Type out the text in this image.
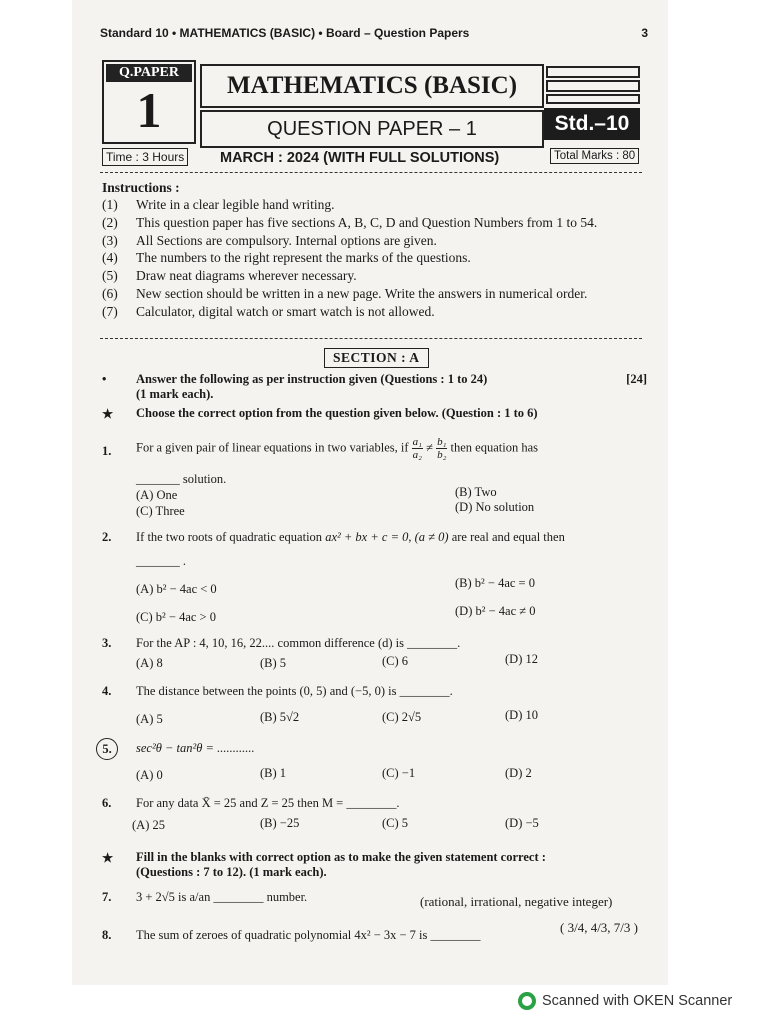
Standard 10 • MATHEMATICS (BASIC) • Board – Question Papers	3
Q.PAPER
1	MATHEMATICS (BASIC)
QUESTION PAPER – 1	Std.–10
Time : 3 Hours MARCH : 2024 (WITH FULL SOLUTIONS)	Total Marks : 80
Instructions :
(1)	Write in a clear legible hand writing.
(2)	This question paper has five sections A, B, C, D and Question Numbers from 1 to 54.
(3)	All Sections are compulsory. Internal options are given.
(4)	The numbers to the right represent the marks of the questions.
(5)	Draw neat diagrams wherever necessary.
(6)	New section should be written in a new page. Write the answers in numerical order.
(7)	Calculator, digital watch or smart watch is not allowed.
SECTION : A
• Answer the following as per instruction given (Questions : 1 to 24)	[24]

(1 mark each).
★ Choose the correct option from the question given below. (Question : 1 to 6)
1. For a given pair of linear equations in two variables, if $\frac{\text{a₁}}{\text{a₂}} \ne \frac{\text{b₁}}{\text{b₂}}$ then equation has
_______ solution.
(A) One	(B) Two
(C) Three	(D) No solution
2. If the two roots of quadratic equation ax² + bx + c = 0, (a ≠ 0) are real and equal then
_______ .
(A) b² − 4ac < 0	(B) b² − 4ac = 0
(C) b² − 4ac > 0	(D) b² − 4ac ≠ 0
3. For the AP : 4, 10, 16, 22.... common difference (d) is ________.
(A) 8	(B) 5	(C) 6	(D) 12
4. The distance between the points (0, 5) and (−5, 0) is ________.
(A) 5	(B) 5√2	(C) 2√5	(D) 10
5.	sec²θ − tan²θ = ............
(A) 0	(B) 1	(C) −1	(D) 2
6. For any data X̄ = 25 and Z = 25 then M = ________.
(A) 25	(B) −25	(C) 5	(D) −5
★ Fill in the blanks with correct option as to make the given statement correct :
(Questions : 7 to 12). (1 mark each).
7. 3 + 2√5 is a/an ________ number.	(rational, irrational, negative integer)
8. The sum of zeroes of quadratic polynomial 4x² − 3x − 7 is ________	( 3/4, 4/3, 7/3 )
Scanned with OKEN Scanner
